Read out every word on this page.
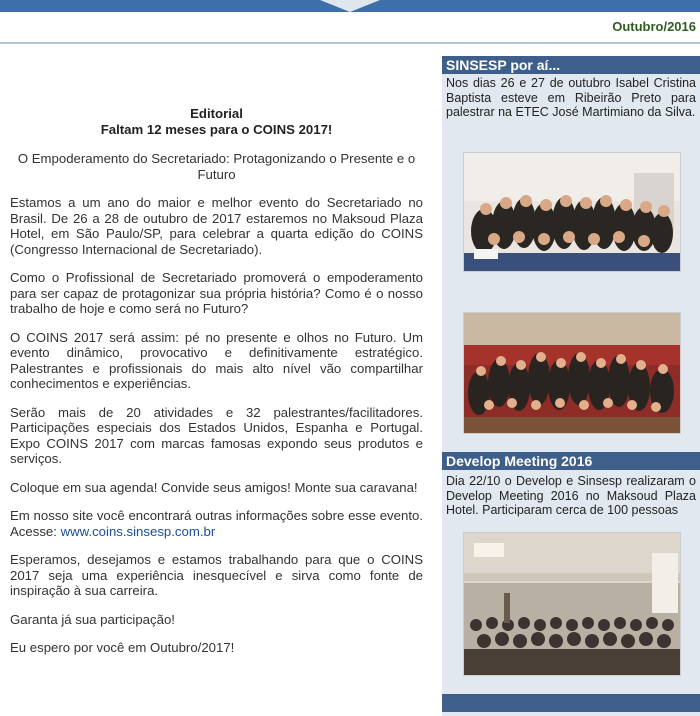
Outubro/2016
Editorial
Faltam 12 meses para o COINS 2017!

O Empoderamento do Secretariado: Protagonizando o Presente e o Futuro

Estamos a um ano do maior e melhor evento do Secretariado no Brasil. De 26 a 28 de outubro de 2017 estaremos no Maksoud Plaza Hotel, em São Paulo/SP, para celebrar a quarta edição do COINS (Congresso Internacional de Secretariado).

Como o Profissional de Secretariado promoverá o empoderamento para ser capaz de protagonizar sua própria história? Como é o nosso trabalho de hoje e como será no Futuro?

O COINS 2017 será assim: pé no presente e olhos no Futuro. Um evento dinâmico, provocativo e definitivamente estratégico. Palestrantes e profissionais do mais alto nível vão compartilhar conhecimentos e experiências.

Serão mais de 20 atividades e 32 palestrantes/facilitadores. Participações especiais dos Estados Unidos, Espanha e Portugal. Expo COINS 2017 com marcas famosas expondo seus produtos e serviços.

Coloque em sua agenda! Convide seus amigos! Monte sua caravana!

Em nosso site você encontrará outras informações sobre esse evento. Acesse: www.coins.sinsesp.com.br

Esperamos, desejamos e estamos trabalhando para que o COINS 2017 seja uma experiência inesquecível e sirva como fonte de inspiração à sua carreira.

Garanta já sua participação!

Eu espero por você em Outubro/2017!

SINSESP por aí...
Nos dias 26 e 27 de outubro Isabel Cristina Baptista esteve em Ribeirão Preto para palestrar na ETEC José Martimiano da Silva.
Develop Meeting 2016
Dia 22/10 o Develop e Sinsesp realizaram o Develop Meeting 2016 no Maksoud Plaza Hotel. Participaram cerca de 100 pessoas
